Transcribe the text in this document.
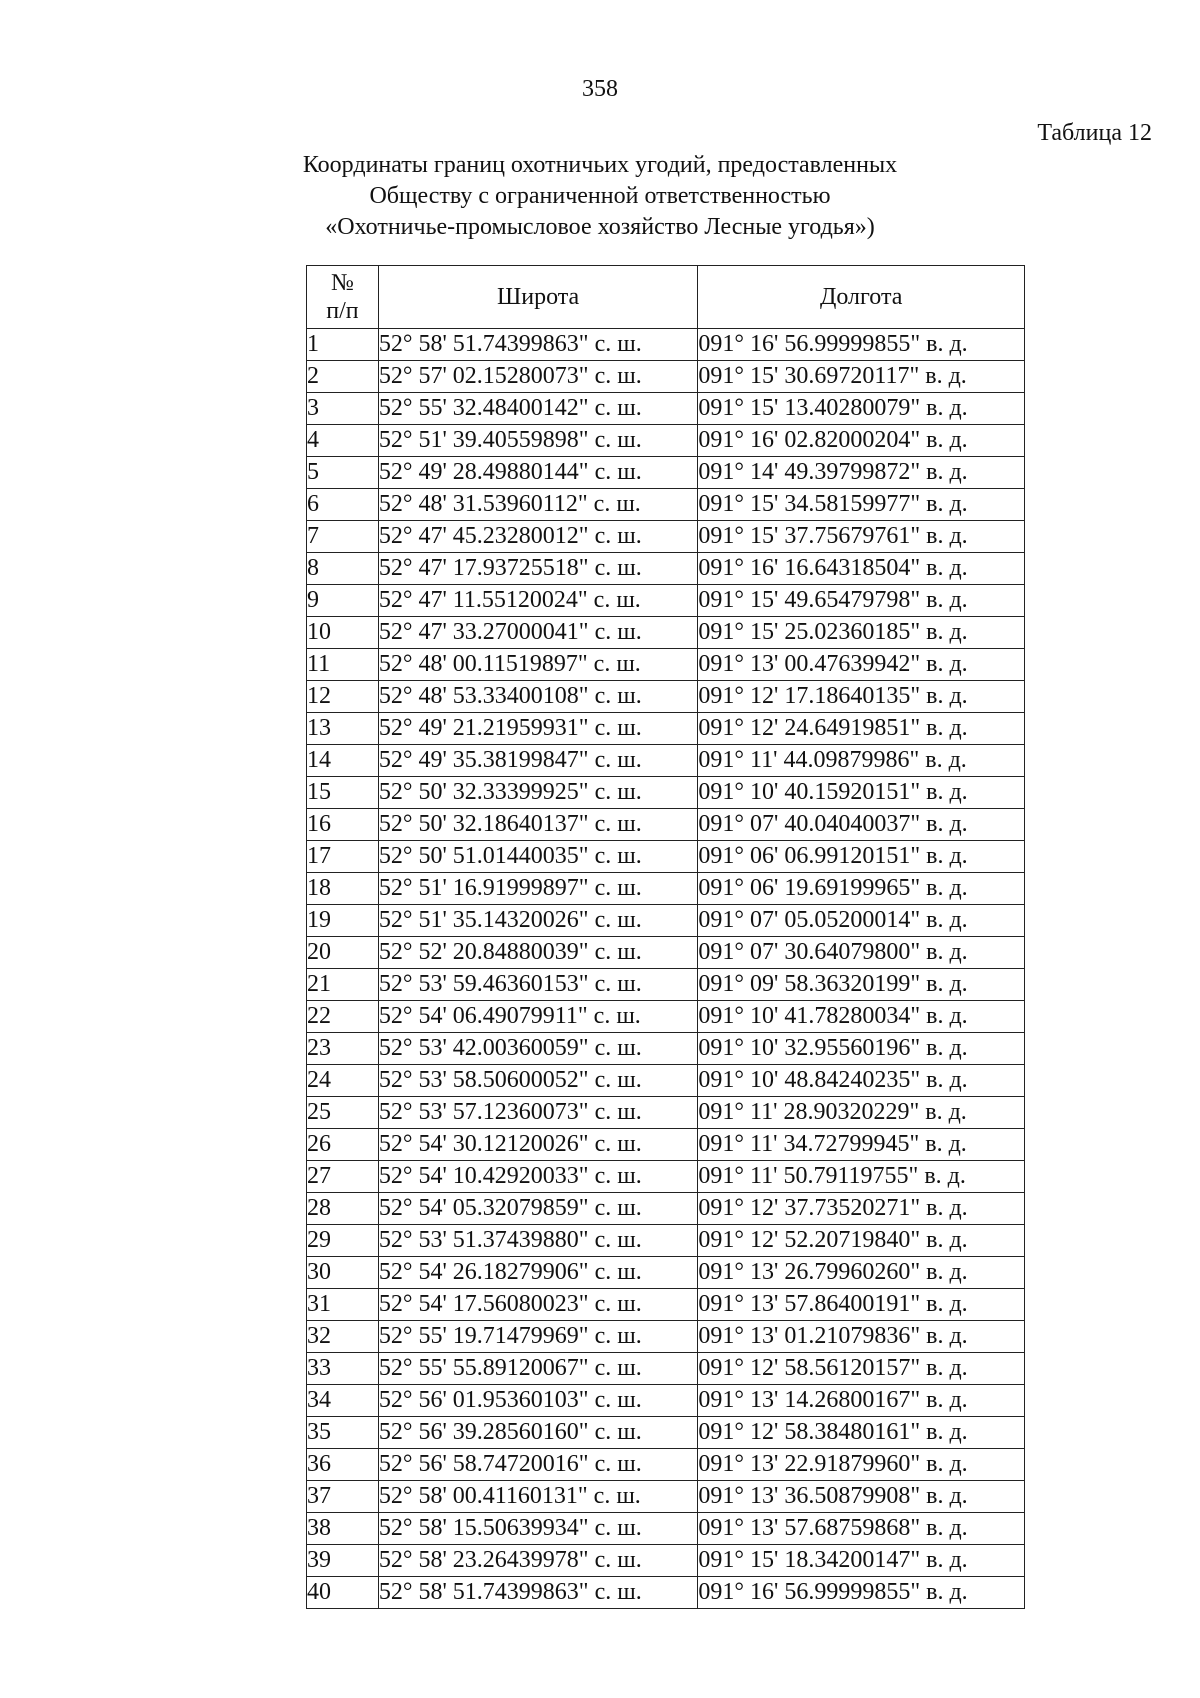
358
Таблица 12
Координаты границ охотничьих угодий, предоставленных
Обществу с ограниченной ответственностью
«Охотничье-промысловое хозяйство Лесные угодья»)
№ п/п	Широта	Долгота
1	52° 58' 51.74399863" с. ш.	091° 16' 56.99999855" в. д.
2	52° 57' 02.15280073" с. ш.	091° 15' 30.69720117" в. д.
3	52° 55' 32.48400142" с. ш.	091° 15' 13.40280079" в. д.
4	52° 51' 39.40559898" с. ш.	091° 16' 02.82000204" в. д.
5	52° 49' 28.49880144" с. ш.	091° 14' 49.39799872" в. д.
6	52° 48' 31.53960112" с. ш.	091° 15' 34.58159977" в. д.
7	52° 47' 45.23280012" с. ш.	091° 15' 37.75679761" в. д.
8	52° 47' 17.93725518" с. ш.	091° 16' 16.64318504" в. д.
9	52° 47' 11.55120024" с. ш.	091° 15' 49.65479798" в. д.
10	52° 47' 33.27000041" с. ш.	091° 15' 25.02360185" в. д.
11	52° 48' 00.11519897" с. ш.	091° 13' 00.47639942" в. д.
12	52° 48' 53.33400108" с. ш.	091° 12' 17.18640135" в. д.
13	52° 49' 21.21959931" с. ш.	091° 12' 24.64919851" в. д.
14	52° 49' 35.38199847" с. ш.	091° 11' 44.09879986" в. д.
15	52° 50' 32.33399925" с. ш.	091° 10' 40.15920151" в. д.
16	52° 50' 32.18640137" с. ш.	091° 07' 40.04040037" в. д.
17	52° 50' 51.01440035" с. ш.	091° 06' 06.99120151" в. д.
18	52° 51' 16.91999897" с. ш.	091° 06' 19.69199965" в. д.
19	52° 51' 35.14320026" с. ш.	091° 07' 05.05200014" в. д.
20	52° 52' 20.84880039" с. ш.	091° 07' 30.64079800" в. д.
21	52° 53' 59.46360153" с. ш.	091° 09' 58.36320199" в. д.
22	52° 54' 06.49079911" с. ш.	091° 10' 41.78280034" в. д.
23	52° 53' 42.00360059" с. ш.	091° 10' 32.95560196" в. д.
24	52° 53' 58.50600052" с. ш.	091° 10' 48.84240235" в. д.
25	52° 53' 57.12360073" с. ш.	091° 11' 28.90320229" в. д.
26	52° 54' 30.12120026" с. ш.	091° 11' 34.72799945" в. д.
27	52° 54' 10.42920033" с. ш.	091° 11' 50.79119755" в. д.
28	52° 54' 05.32079859" с. ш.	091° 12' 37.73520271" в. д.
29	52° 53' 51.37439880" с. ш.	091° 12' 52.20719840" в. д.
30	52° 54' 26.18279906" с. ш.	091° 13' 26.79960260" в. д.
31	52° 54' 17.56080023" с. ш.	091° 13' 57.86400191" в. д.
32	52° 55' 19.71479969" с. ш.	091° 13' 01.21079836" в. д.
33	52° 55' 55.89120067" с. ш.	091° 12' 58.56120157" в. д.
34	52° 56' 01.95360103" с. ш.	091° 13' 14.26800167" в. д.
35	52° 56' 39.28560160" с. ш.	091° 12' 58.38480161" в. д.
36	52° 56' 58.74720016" с. ш.	091° 13' 22.91879960" в. д.
37	52° 58' 00.41160131" с. ш.	091° 13' 36.50879908" в. д.
38	52° 58' 15.50639934" с. ш.	091° 13' 57.68759868" в. д.
39	52° 58' 23.26439978" с. ш.	091° 15' 18.34200147" в. д.
40	52° 58' 51.74399863" с. ш.	091° 16' 56.99999855" в. д.
